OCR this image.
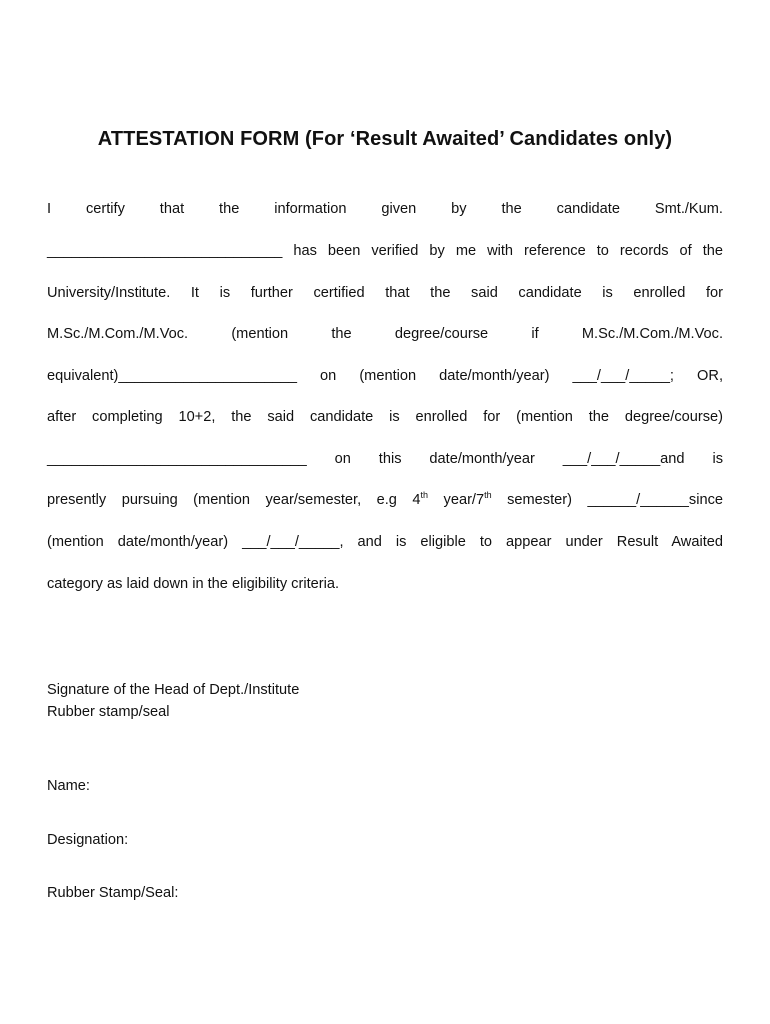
ATTESTATION FORM (For ‘Result Awaited’ Candidates only)
I certify that the information given by the candidate Smt./Kum.
_____________________________ has been verified by me with reference to records of the
University/Institute. It is further certified that the said candidate is enrolled for
M.Sc./M.Com./M.Voc. (mention the degree/course if M.Sc./M.Com./M.Voc.
equivalent)______________________ on (mention date/month/year) ___/___/_____; OR,
after completing 10+2, the said candidate is enrolled for (mention the degree/course)
________________________________ on this date/month/year ___/___/_____and is
presently pursuing (mention year/semester, e.g 4th year/7th semester) ______/______since
(mention date/month/year) ___/___/_____, and is eligible to appear under Result Awaited
category as laid down in the eligibility criteria.
Signature of the Head of Dept./Institute
Rubber stamp/seal
Name:
Designation:
Rubber Stamp/Seal:
